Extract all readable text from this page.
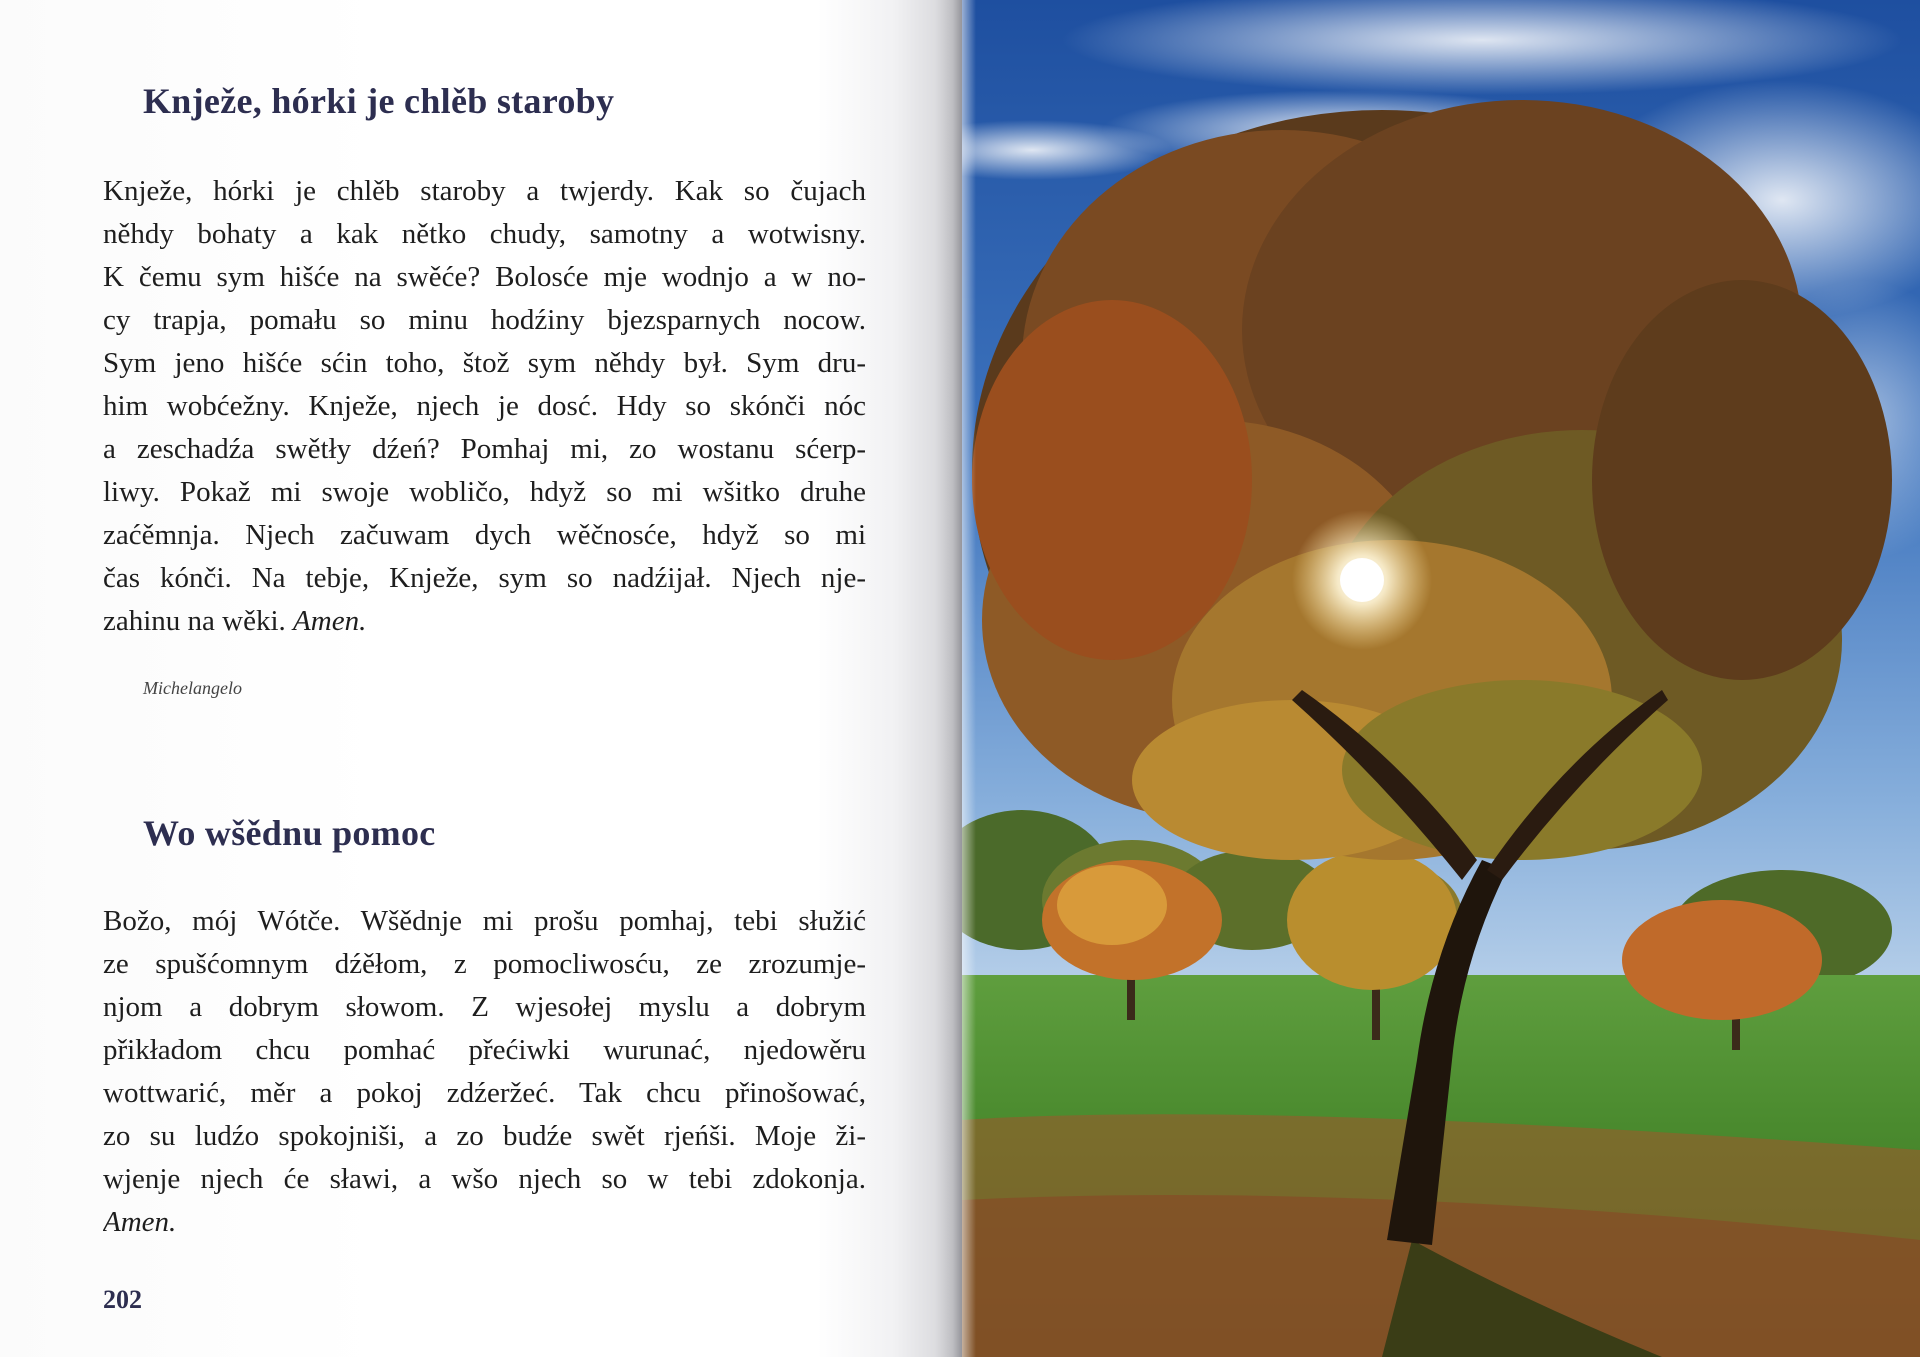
Knježe, hórki je chlěb staroby
Knježe, hórki je chlěb staroby a twjerdy. Kak so čujach
něhdy bohaty a kak nětko chudy, samotny a wotwisny.
K čemu sym hišće na swěće? Bolosće mje wodnjo a w no-
cy trapja, pomału so minu hodźiny bjezsparnych nocow.
Sym jeno hišće sćin toho, štož sym něhdy był. Sym dru-
him wobćežny. Knježe, njech je dosć. Hdy so skónči nóc
a zeschadźa swětły dźeń? Pomhaj mi, zo wostanu sćerp-
liwy. Pokaž mi swoje wobličo, hdyž so mi wšitko druhe
zaćěmnja. Njech začuwam dych wěčnosće, hdyž so mi
čas kónči. Na tebje, Knježe, sym so nadźijał. Njech nje-
zahinu na wěki. Amen.

Michelangelo

Wo wšědnu pomoc
Božo, mój Wótče. Wšědnje mi prošu pomhaj, tebi słužić
ze spušćomnym dźěłom, z pomocliwosću, ze zrozumje-
njom a dobrym słowom. Z wjesołej myslu a dobrym
přikładom chcu pomhać přećiwki wurunać, njedowěru
wottwarić, měr a pokoj zdźeržeć. Tak chcu přinošować,
zo su ludźo spokojniši, a zo budźe swět rjeńši. Moje ži-
wjenje njech će sławi, a wšo njech so w tebi zdokonja.
Amen.
202
